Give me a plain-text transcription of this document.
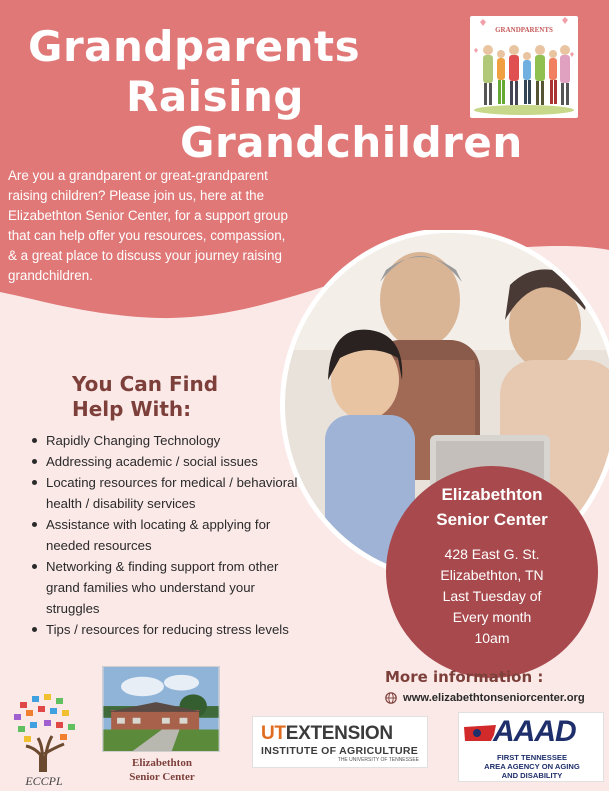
Grandparents
Raising
Grandchildren
GRANDPARENTS

Are you a grandparent or great-grandparent raising children? Please join us, here at the Elizabethton Senior Center, for a support group that can help offer you resources, compassion, & a great place to discuss your journey raising grandchildren.

You Can Find
Help With:
Rapidly Changing Technology
Addressing academic / social issues
Locating resources for medical / behavioral health / disability services
Assistance with locating & applying for needed resources
Networking & finding support from other grand families who understand your struggles
Tips / resources for reducing stress levels
Elizabethton
Senior Center
428 East G. St.
Elizabethton, TN
Last Tuesday of
Every month
10am
More information :
www.elizabethtonseniorcenter.org
ECCPL
Elizabethton
Senior Center
UTEXTENSION
INSTITUTE OF AGRICULTURE
THE UNIVERSITY OF TENNESSEE
AAAD
FIRST TENNESSEE
AREA AGENCY ON AGING
AND DISABILITY
